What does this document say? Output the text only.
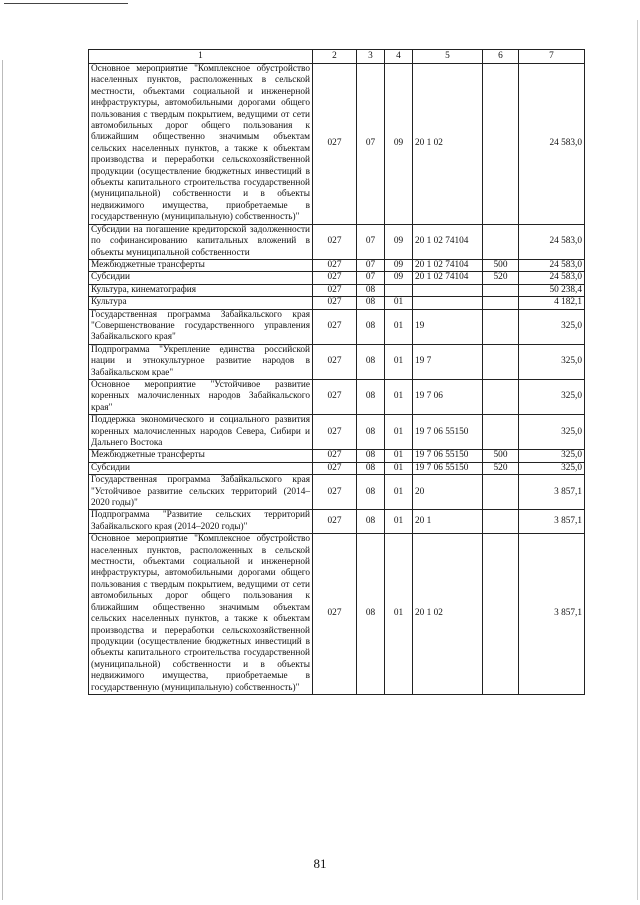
1	2	3	4	5	6	7
Основное мероприятие "Комплексное обустройство населенных пунктов, расположенных в сельской местности, объектами социальной и инженерной инфраструктуры, автомобильными дорогами общего пользования с твердым покрытием, ведущими от сети автомобильных дорог общего пользования к ближайшим общественно значимым объектам сельских населенных пунктов, а также к объектам производства и переработки сельскохозяйственной продукции (осуществление бюджетных инвестиций в объекты капитального строительства государственной (муниципальной) собственности и в объекты недвижимого имущества, приобретаемые в государственную (муниципальную) собственность)"	027	07	09	20 1 02		24 583,0
Субсидии на погашение кредиторской задолженности по софинансированию капитальных вложений в объекты муниципальной собственности	027	07	09	20 1 02 74104		24 583,0
Межбюджетные трансферты	027	07	09	20 1 02 74104	500	24 583,0
Субсидии	027	07	09	20 1 02 74104	520	24 583,0
Культура, кинематография	027	08				50 238,4
Культура	027	08	01			4 182,1
Государственная программа Забайкальского края "Совершенствование государственного управления Забайкальского края"	027	08	01	19		325,0
Подпрограмма "Укрепление единства российской нации и этнокультурное развитие народов в Забайкальском крае"	027	08	01	19 7		325,0
Основное мероприятие "Устойчивое развитие коренных малочисленных народов Забайкальского края"	027	08	01	19 7 06		325,0
Поддержка экономического и социального развития коренных малочисленных народов Севера, Сибири и Дальнего Востока	027	08	01	19 7 06 55150		325,0
Межбюджетные трансферты	027	08	01	19 7 06 55150	500	325,0
Субсидии	027	08	01	19 7 06 55150	520	325,0
Государственная программа Забайкальского края "Устойчивое развитие сельских территорий (2014–2020 годы)"	027	08	01	20		3 857,1
Подпрограмма "Развитие сельских территорий Забайкальского края (2014–2020 годы)"	027	08	01	20 1		3 857,1
Основное мероприятие "Комплексное обустройство населенных пунктов, расположенных в сельской местности, объектами социальной и инженерной инфраструктуры, автомобильными дорогами общего пользования с твердым покрытием, ведущими от сети автомобильных дорог общего пользования к ближайшим общественно значимым объектам сельских населенных пунктов, а также к объектам производства и переработки сельскохозяйственной продукции (осуществление бюджетных инвестиций в объекты капитального строительства государственной (муниципальной) собственности и в объекты недвижимого имущества, приобретаемые в государственную (муниципальную) собственность)"	027	08	01	20 1 02		3 857,1
81
